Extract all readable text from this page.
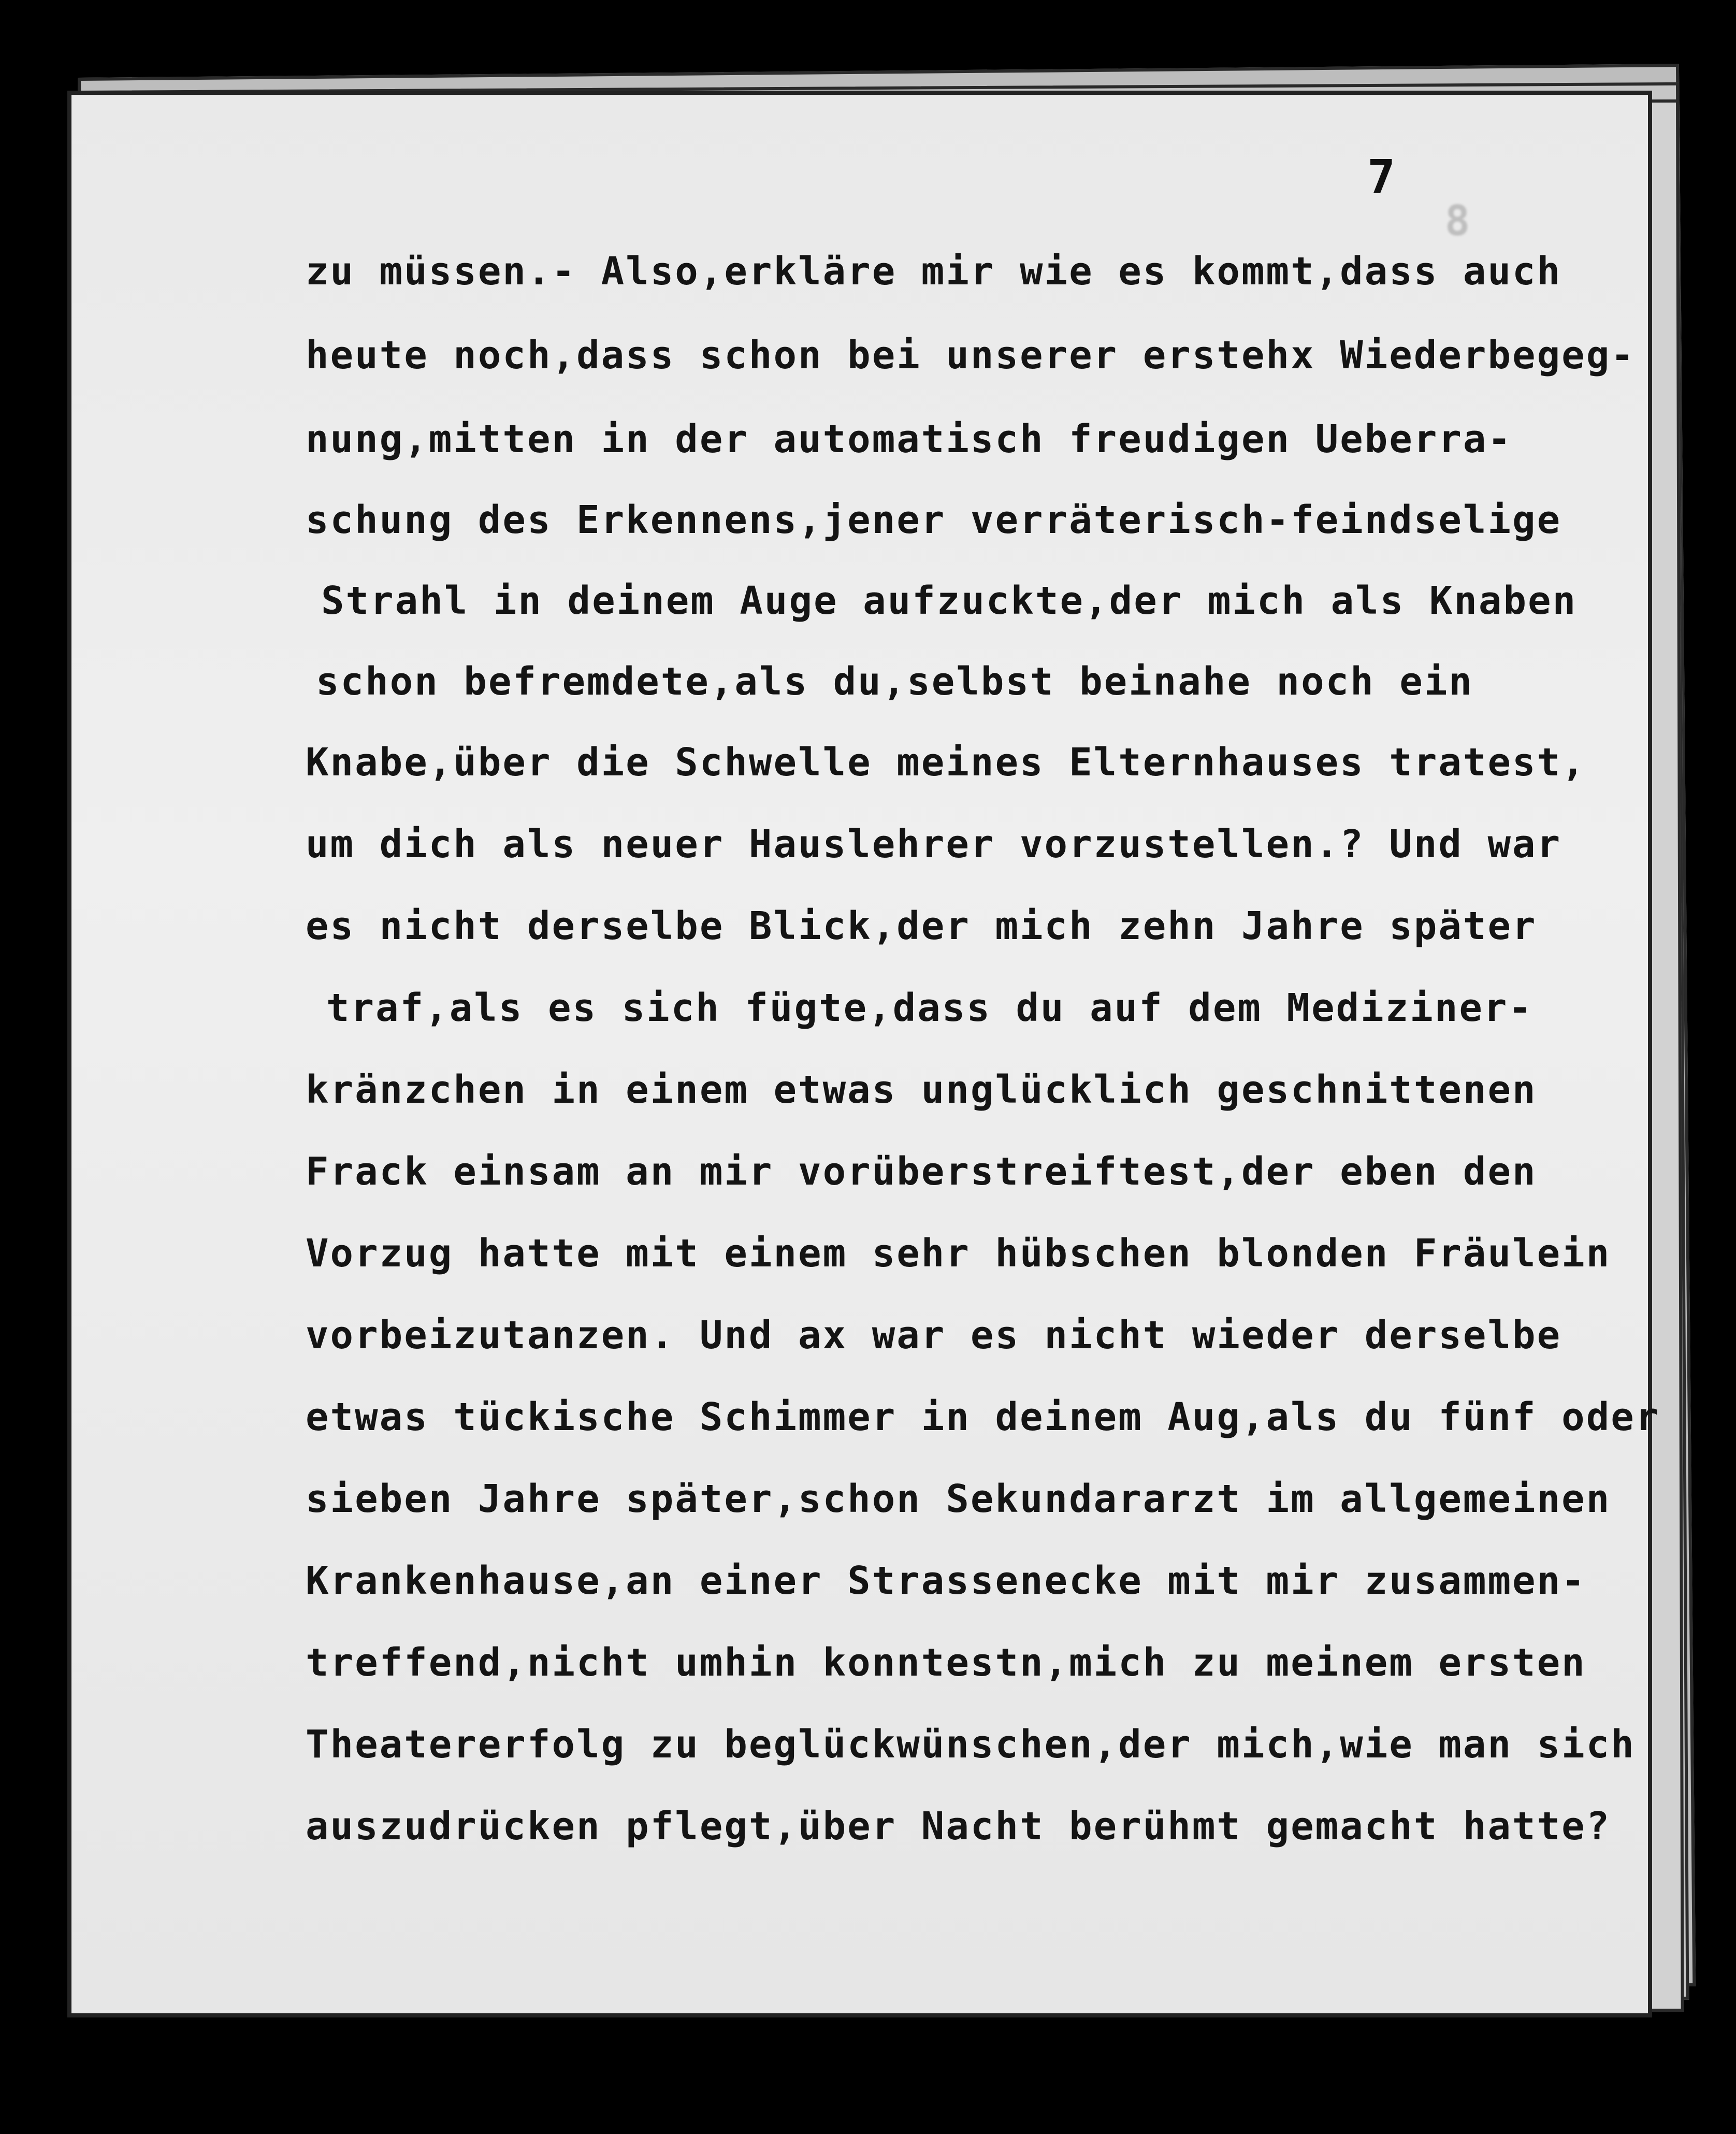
8
7
zu müssen.- Also,erkläre mir wie es kommt,dass auch
heute noch,dass schon bei unserer erstehx Wiederbegeg-
nung,mitten in der automatisch freudigen Ueberra-
schung des Erkennens,jener verräterisch-feindselige
Strahl in deinem Auge aufzuckte,der mich als Knaben
schon befremdete,als du,selbst beinahe noch ein
Knabe,über die Schwelle meines Elternhauses tratest,
um dich als neuer Hauslehrer vorzustellen.? Und war
es nicht derselbe Blick,der mich zehn Jahre später
traf,als es sich fügte,dass du auf dem Mediziner-
kränzchen in einem etwas unglücklich geschnittenen
Frack einsam an mir vorüberstreiftest,der eben den
Vorzug hatte mit einem sehr hübschen blonden Fräulein
vorbeizutanzen. Und ax war es nicht wieder derselbe
etwas tückische Schimmer in deinem Aug,als du fünf oder
sieben Jahre später,schon Sekundararzt im allgemeinen
Krankenhause,an einer Strassenecke mit mir zusammen-
treffend,nicht umhin konntestn,mich zu meinem ersten
Theatererfolg zu beglückwünschen,der mich,wie man sich
auszudrücken pflegt,über Nacht berühmt gemacht hatte?
